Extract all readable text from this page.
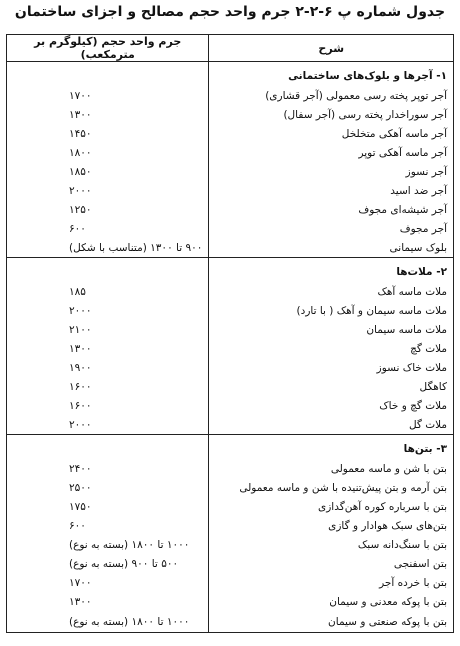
جدول شماره پ ۶-۲-۲ جرم واحد حجم مصالح و اجزای ساختمان
شرح	جرم واحد حجم (کیلوگرم بر مترمکعب)
۱- آجرها و بلوک‌های ساختمانی	
آجر توپر پخته رسی معمولی (آجر قشاری)	۱۷۰۰
آجر سوراخدار پخته رسی (آجر سفال)	۱۳۰۰
آجر ماسه آهکی متخلخل	۱۴۵۰
آجر ماسه آهکی توپر	۱۸۰۰
آجر نسوز	۱۸۵۰
آجر ضد اسید	۲۰۰۰
آجر شیشه‌ای مجوف	۱۲۵۰
آجر مجوف	۶۰۰
بلوک سیمانی	۹۰۰ تا ۱۳۰۰ (متناسب با شکل)
۲- ملات‌ها	
ملات ماسه آهک	۱۸۵
ملات ماسه سیمان و آهک ( با تارد)	۲۰۰۰
ملات ماسه سیمان	۲۱۰۰
ملات گچ	۱۳۰۰
ملات خاک نسوز	۱۹۰۰
کاهگل	۱۶۰۰
ملات گچ و خاک	۱۶۰۰
ملات گل	۲۰۰۰
۳- بتن‌ها	
بتن با شن و ماسه معمولی	۲۴۰۰
بتن آرمه و بتن پیش‌تنیده با شن و ماسه معمولی	۲۵۰۰
بتن با سرباره کوره آهن‌گدازی	۱۷۵۰
بتن‌های سبک هوادار و گازی	۶۰۰
بتن با سنگ‌دانه سبک	۱۰۰۰ تا ۱۸۰۰ (بسته به نوع)
بتن اسفنجی	۵۰۰ تا ۹۰۰ (بسته به نوع)
بتن با خرده آجر	۱۷۰۰
بتن با پوکه معدنی و سیمان	۱۳۰۰
بتن با پوکه صنعتی و سیمان	۱۰۰۰ تا ۱۸۰۰ (بسته به نوع)
